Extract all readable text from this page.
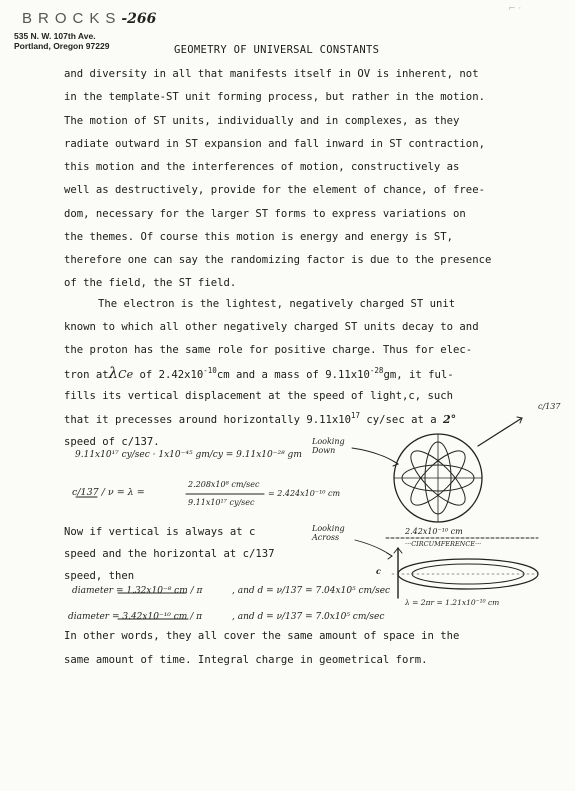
⌐ ·
BROCKS-266
535 N. W. 107th Ave.
Portland, Oregon 97229	GEOMETRY OF UNIVERSAL CONSTANTS
and diversity in all that manifests itself in OV is inherent, not
in the template-ST unit forming process, but rather in the motion.
The motion of ST units, individually and in complexes, as they
radiate outward in ST expansion and fall inward in ST contraction,
this motion and the interferences of motion, constructively as
well as destructively, provide for the element of chance, of free-
dom, necessary for the larger ST forms to express variations on
the themes. Of course this motion is energy and energy is ST,
therefore one can say the randomizing factor is due to the presence
of the field, the ST field.
The electron is the lightest, negatively charged ST unit
known to which all other negatively charged ST units decay to and
the proton has the same role for positive charge. Thus for elec-
tron atλCe of $2.42x10^{-10}cm$ and a mass of $9.11x10^{-28}gm$, it ful-
fills its vertical displacement at the speed of light,c, such
that it precesses around horizontally $9.11x10^{17}$ cy/sec at a 2°
speed of c/137.
9.11x10¹⁷ cy/sec · 1x10⁻⁴⁵ gm/cy = 9.11x10⁻²⁸ gm
Looking Down
c/137 / ν = λ =
2.208x10⁸ cm/sec
9.11x10¹⁷ cy/sec
= 2.424x10⁻¹⁰ cm
c/137
Now if vertical is always at c
speed and the horizontal at c/137
speed, then
Looking Across
2.42x10⁻¹⁰ cm
···CIRCUMFERENCE···
c
λ = 2πr = 1.21x10⁻¹⁰ cm
diameter = 1.32x10⁻⁸ cm / π	, and d = ν/137 = 7.04x10⁵ cm/sec
diameter = 3.42x10⁻¹⁰ cm / π	, and d = ν/137 = 7.0x10⁵ cm/sec
In other words, they all cover the same amount of space in the
same amount of time. Integral charge in geometrical form.
